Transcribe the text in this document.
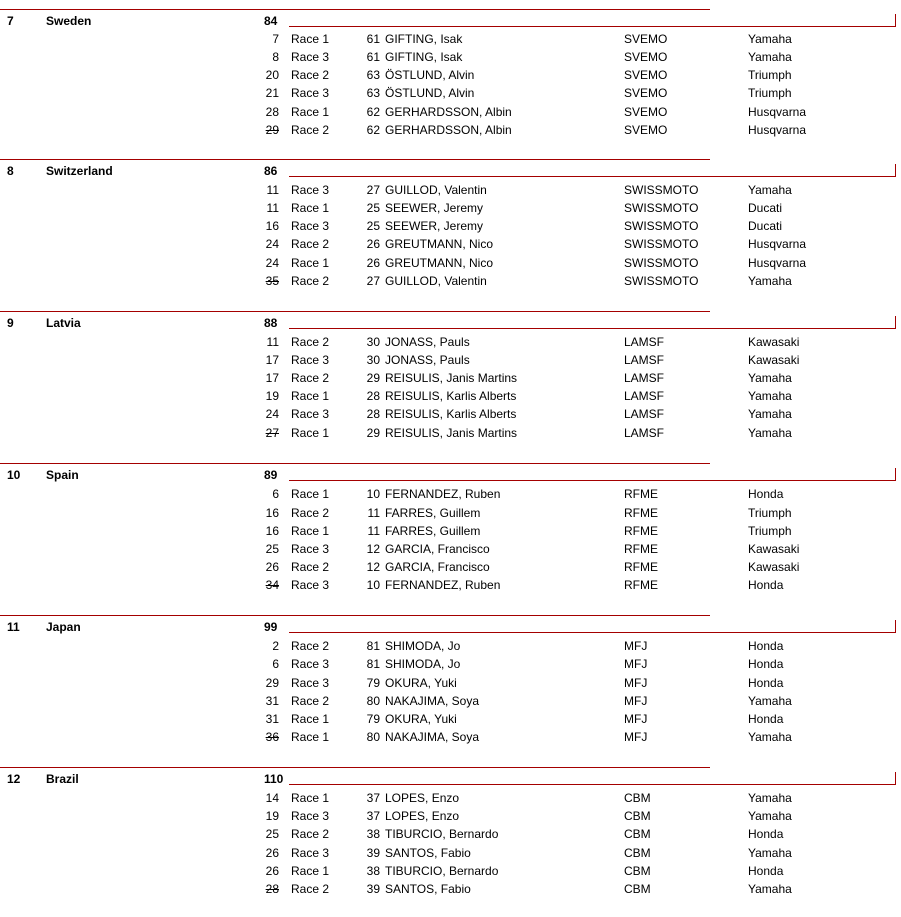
7	Sweden	84
7 Race 1	61 GIFTING, Isak	SVEMO	Yamaha
8 Race 3	61 GIFTING, Isak	SVEMO	Yamaha
20 Race 2	63 ÖSTLUND, Alvin	SVEMO	Triumph
21 Race 3	63 ÖSTLUND, Alvin	SVEMO	Triumph
28 Race 1	62 GERHARDSSON, Albin	SVEMO	Husqvarna
29 Race 2	62 GERHARDSSON, Albin	SVEMO	Husqvarna
8	Switzerland	86
11 Race 3	27 GUILLOD, Valentin	SWISSMOTO	Yamaha
11 Race 1	25 SEEWER, Jeremy	SWISSMOTO	Ducati
16 Race 3	25 SEEWER, Jeremy	SWISSMOTO	Ducati
24 Race 2	26 GREUTMANN, Nico	SWISSMOTO	Husqvarna
24 Race 1	26 GREUTMANN, Nico	SWISSMOTO	Husqvarna
35 Race 2	27 GUILLOD, Valentin	SWISSMOTO	Yamaha
9	Latvia	88
11 Race 2	30 JONASS, Pauls	LAMSF	Kawasaki
17 Race 3	30 JONASS, Pauls	LAMSF	Kawasaki
17 Race 2	29 REISULIS, Janis Martins	LAMSF	Yamaha
19 Race 1	28 REISULIS, Karlis Alberts	LAMSF	Yamaha
24 Race 3	28 REISULIS, Karlis Alberts	LAMSF	Yamaha
27 Race 1	29 REISULIS, Janis Martins	LAMSF	Yamaha
10 Spain	89
6 Race 1	10 FERNANDEZ, Ruben	RFME	Honda
16 Race 2	11 FARRES, Guillem	RFME	Triumph
16 Race 1	11 FARRES, Guillem	RFME	Triumph
25 Race 3	12 GARCIA, Francisco	RFME	Kawasaki
26 Race 2	12 GARCIA, Francisco	RFME	Kawasaki
34 Race 3	10 FERNANDEZ, Ruben	RFME	Honda
11 Japan	99
2 Race 2	81 SHIMODA, Jo	MFJ	Honda
6 Race 3	81 SHIMODA, Jo	MFJ	Honda
29 Race 3	79 OKURA, Yuki	MFJ	Honda
31 Race 2	80 NAKAJIMA, Soya	MFJ	Yamaha
31 Race 1	79 OKURA, Yuki	MFJ	Honda
36 Race 1	80 NAKAJIMA, Soya	MFJ	Yamaha
12 Brazil	110
14 Race 1	37 LOPES, Enzo	CBM	Yamaha
19 Race 3	37 LOPES, Enzo	CBM	Yamaha
25 Race 2	38 TIBURCIO, Bernardo	CBM	Honda
26 Race 3	39 SANTOS, Fabio	CBM	Yamaha
26 Race 1	38 TIBURCIO, Bernardo	CBM	Honda
28 Race 2	39 SANTOS, Fabio	CBM	Yamaha
